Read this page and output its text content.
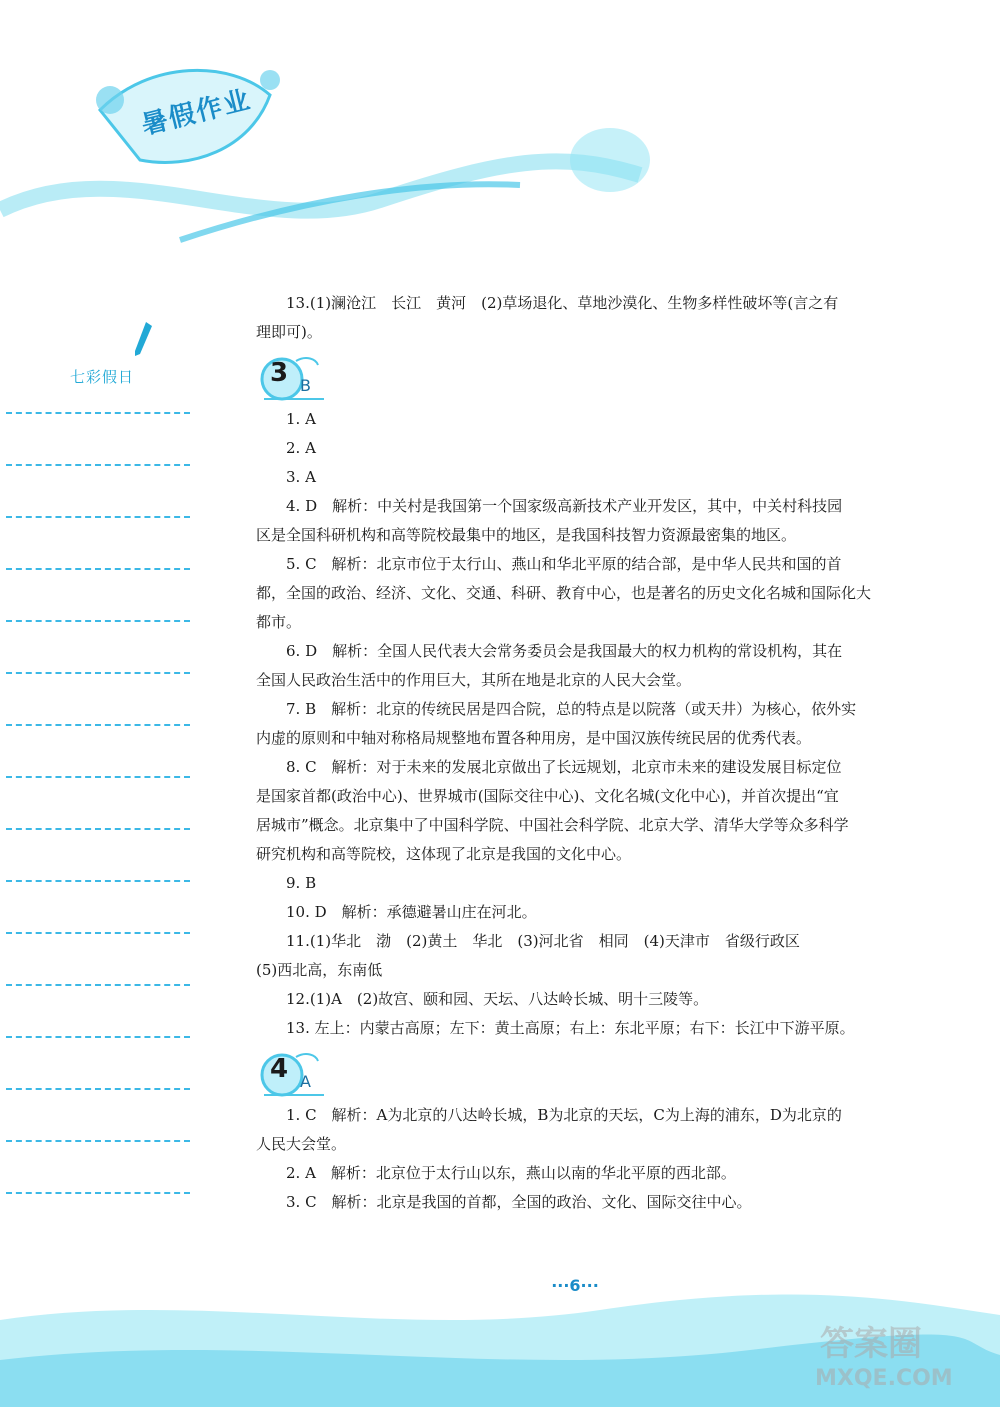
暑假作业
七彩假日

13.(1)澜沧江　长江　黄河　(2)草场退化、草地沙漠化、生物多样性破坏等(言之有

理即可)。

3 B

1. A

2. A

3. A

4. D　解析：中关村是我国第一个国家级高新技术产业开发区，其中，中关村科技园

区是全国科研机构和高等院校最集中的地区，是我国科技智力资源最密集的地区。

5. C　解析：北京市位于太行山、燕山和华北平原的结合部，是中华人民共和国的首

都，全国的政治、经济、文化、交通、科研、教育中心，也是著名的历史文化名城和国际化大

都市。

6. D　解析：全国人民代表大会常务委员会是我国最大的权力机构的常设机构，其在

全国人民政治生活中的作用巨大，其所在地是北京的人民大会堂。

7. B　解析：北京的传统民居是四合院，总的特点是以院落（或天井）为核心，依外实

内虚的原则和中轴对称格局规整地布置各种用房，是中国汉族传统民居的优秀代表。

8. C　解析：对于未来的发展北京做出了长远规划，北京市未来的建设发展目标定位

是国家首都(政治中心)、世界城市(国际交往中心)、文化名城(文化中心)，并首次提出“宜

居城市”概念。北京集中了中国科学院、中国社会科学院、北京大学、清华大学等众多科学

研究机构和高等院校，这体现了北京是我国的文化中心。

9. B

10. D　解析：承德避暑山庄在河北。

11.(1)华北　渤　(2)黄土　华北　(3)河北省　相同　(4)天津市　省级行政区

(5)西北高，东南低

12.(1)A　(2)故宫、颐和园、天坛、八达岭长城、明十三陵等。

13. 左上：内蒙古高原；左下：黄土高原；右上：东北平原；右下：长江中下游平原。

4 A

1. C　解析：A为北京的八达岭长城，B为北京的天坛，C为上海的浦东，D为北京的

人民大会堂。

2. A　解析：北京位于太行山以东，燕山以南的华北平原的西北部。

3. C　解析：北京是我国的首都，全国的政治、文化、国际交往中心。

···6···
答案圈
MXQE.COM
